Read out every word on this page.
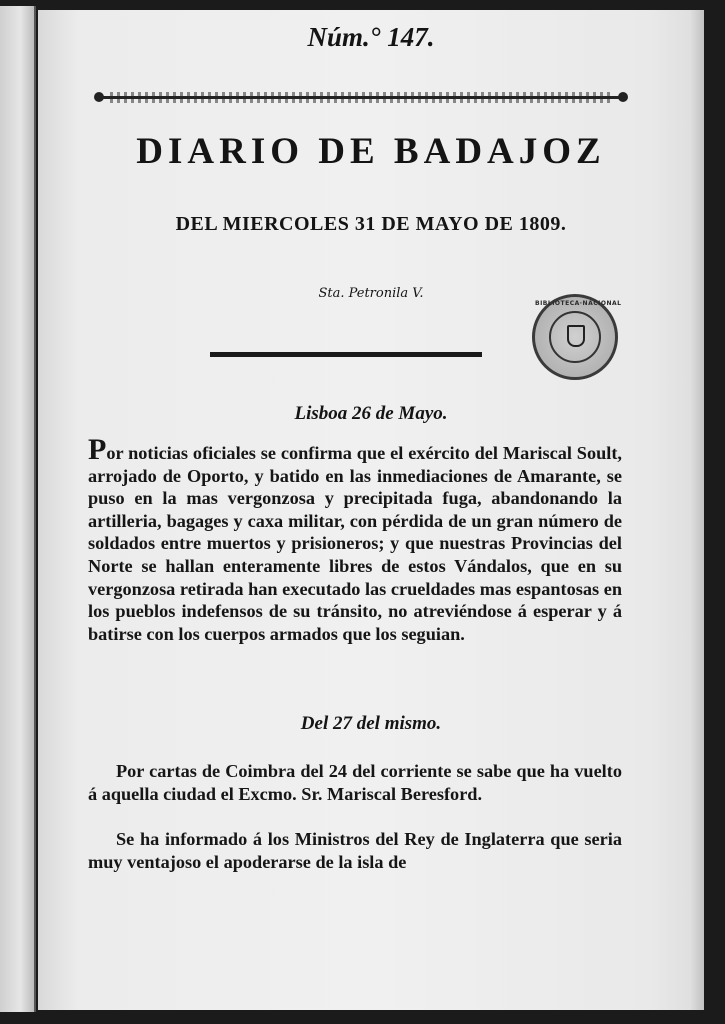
Núm.° 147.
DIARIO DE BADAJOZ
DEL MIERCOLES 31 DE MAYO DE 1809.
Sta. Petronila V.
BIBLIOTECA·NACIONAL
Lisboa 26 de Mayo.
Por noticias oficiales se confirma que el exército del Mariscal Soult, arrojado de Oporto, y batido en las inmediaciones de Amarante, se puso en la mas vergonzosa y precipitada fuga, abandonando la artilleria, bagages y caxa militar, con pérdida de un gran número de soldados entre muertos y prisioneros; y que nuestras Provincias del Norte se hallan enteramente libres de estos Vándalos, que en su vergonzosa retirada han executado las crueldades mas espantosas en los pueblos indefensos de su tránsito, no atreviéndose á esperar y á batirse con los cuerpos armados que los seguian.
Del 27 del mismo.
Por cartas de Coimbra del 24 del corriente se sabe que ha vuelto á aquella ciudad el Excmo. Sr. Mariscal Beresford.
Se ha informado á los Ministros del Rey de Inglaterra que seria muy ventajoso el apoderarse de la isla de
